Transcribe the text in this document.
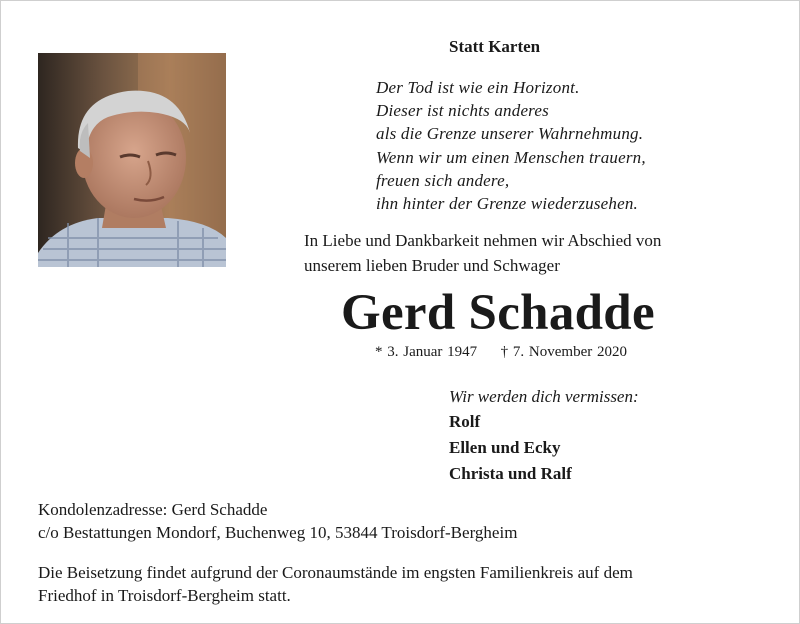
Statt Karten
Der Tod ist wie ein Horizont.
Dieser ist nichts anderes
als die Grenze unserer Wahrnehmung.
Wenn wir um einen Menschen trauern,
freuen sich andere,
ihn hinter der Grenze wiederzusehen.
In Liebe und Dankbarkeit nehmen wir Abschied von
unserem lieben Bruder und Schwager
Gerd Schadde
* 3. Januar 1947 † 7. November 2020
Wir werden dich vermissen:
Rolf
Ellen und Ecky
Christa und Ralf
Kondolenzadresse: Gerd Schadde
c/o Bestattungen Mondorf, Buchenweg 10, 53844 Troisdorf-Bergheim
Die Beisetzung findet aufgrund der Coronaumstände im engsten Familienkreis auf dem
Friedhof in Troisdorf-Bergheim statt.
